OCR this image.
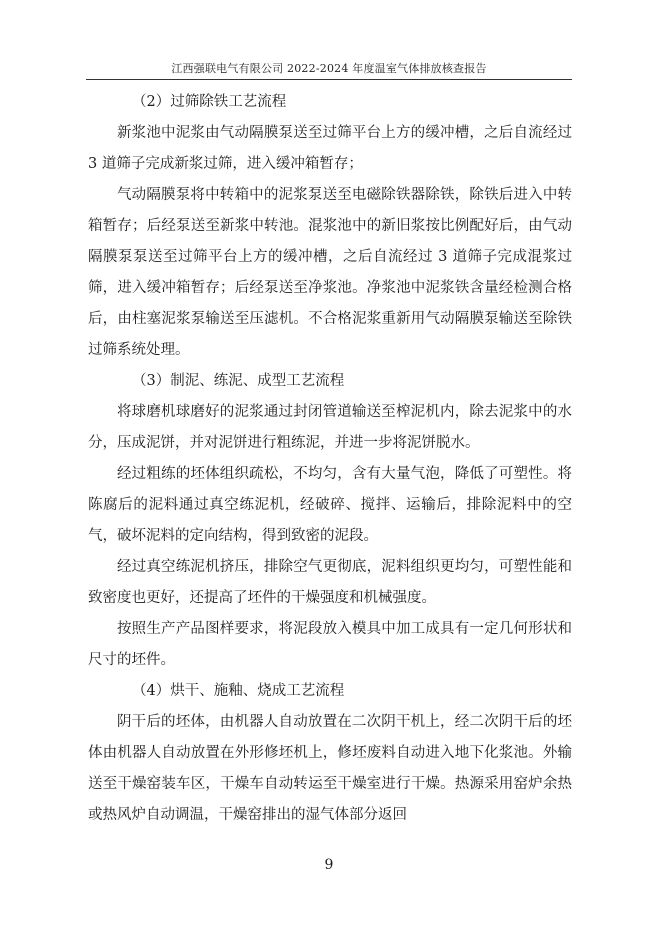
江西强联电气有限公司 2022-2024 年度温室气体排放核查报告
（2）过筛除铁工艺流程

新浆池中泥浆由气动隔膜泵送至过筛平台上方的缓冲槽，之后自流经过 3 道筛子完成新浆过筛，进入缓冲箱暂存；

气动隔膜泵将中转箱中的泥浆泵送至电磁除铁器除铁，除铁后进入中转箱暂存；后经泵送至新浆中转池。混浆池中的新旧浆按比例配好后，由气动隔膜泵泵送至过筛平台上方的缓冲槽，之后自流经过 3 道筛子完成混浆过筛，进入缓冲箱暂存；后经泵送至净浆池。净浆池中泥浆铁含量经检测合格后，由柱塞泥浆泵输送至压滤机。不合格泥浆重新用气动隔膜泵输送至除铁过筛系统处理。

（3）制泥、练泥、成型工艺流程

将球磨机球磨好的泥浆通过封闭管道输送至榨泥机内，除去泥浆中的水分，压成泥饼，并对泥饼进行粗练泥，并进一步将泥饼脱水。

经过粗练的坯体组织疏松，不均匀，含有大量气泡，降低了可塑性。将陈腐后的泥料通过真空练泥机，经破碎、搅拌、运输后，排除泥料中的空气，破坏泥料的定向结构，得到致密的泥段。

经过真空练泥机挤压，排除空气更彻底，泥料组织更均匀，可塑性能和致密度也更好，还提高了坯件的干燥强度和机械强度。

按照生产产品图样要求，将泥段放入模具中加工成具有一定几何形状和尺寸的坯件。

（4）烘干、施釉、烧成工艺流程

阴干后的坯体，由机器人自动放置在二次阴干机上，经二次阴干后的坯体由机器人自动放置在外形修坯机上，修坯废料自动进入地下化浆池。外输送至干燥窑装车区，干燥车自动转运至干燥室进行干燥。热源采用窑炉余热或热风炉自动调温，干燥窑排出的湿气体部分返回

9
